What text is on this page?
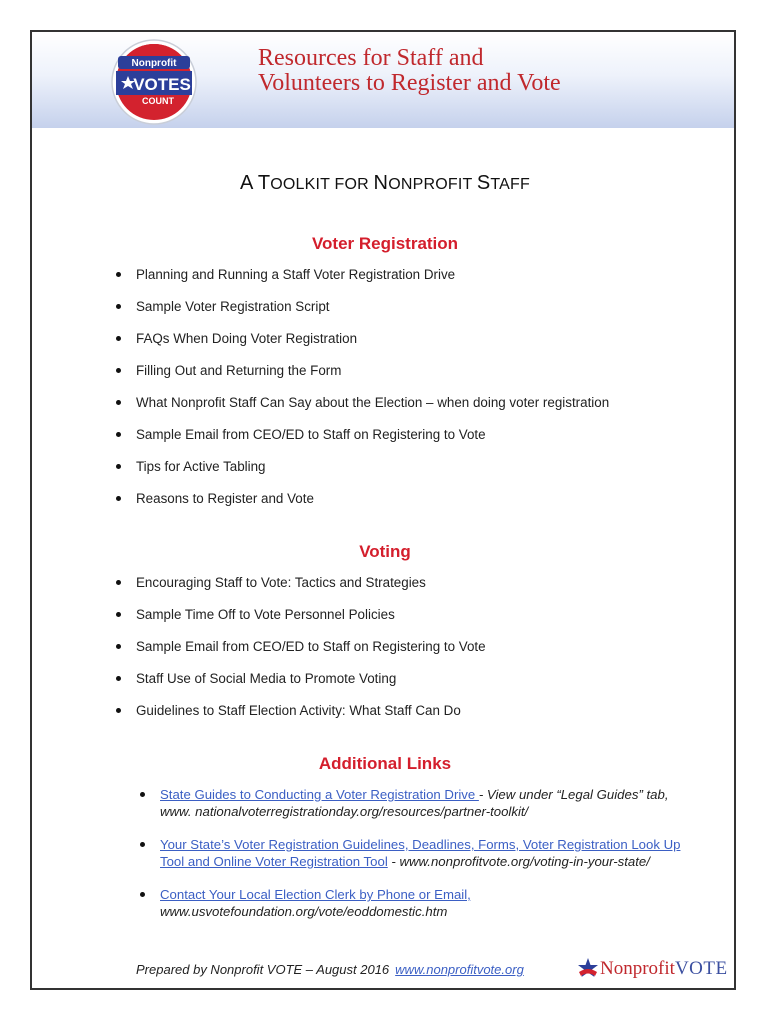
Nonprofit
VOTES
COUNT
Resources for Staff and
Volunteers to Register and Vote
A TOOLKIT FOR NONPROFIT STAFF
Voter Registration
Planning and Running a Staff Voter Registration Drive
Sample Voter Registration Script
FAQs When Doing Voter Registration
Filling Out and Returning the Form
What Nonprofit Staff Can Say about the Election – when doing voter registration
Sample Email from CEO/ED to Staff on Registering to Vote
Tips for Active Tabling
Reasons to Register and Vote
Voting
Encouraging Staff to Vote: Tactics and Strategies
Sample Time Off to Vote Personnel Policies
Sample Email from CEO/ED to Staff on Registering to Vote
Staff Use of Social Media to Promote Voting
Guidelines to Staff Election Activity: What Staff Can Do
Additional Links
State Guides to Conducting a Voter Registration Drive - View under “Legal Guides” tab, www. nationalvoterregistrationday.org/resources/partner-toolkit/
Your State’s Voter Registration Guidelines, Deadlines, Forms, Voter Registration Look Up Tool and Online Voter Registration Tool - www.nonprofitvote.org/voting-in-your-state/
Contact Your Local Election Clerk by Phone or Email, www.usvotefoundation.org/vote/eoddomestic.htm
Prepared by Nonprofit VOTE – August 2016 www.nonprofitvote.org	NonprofitVOTE
